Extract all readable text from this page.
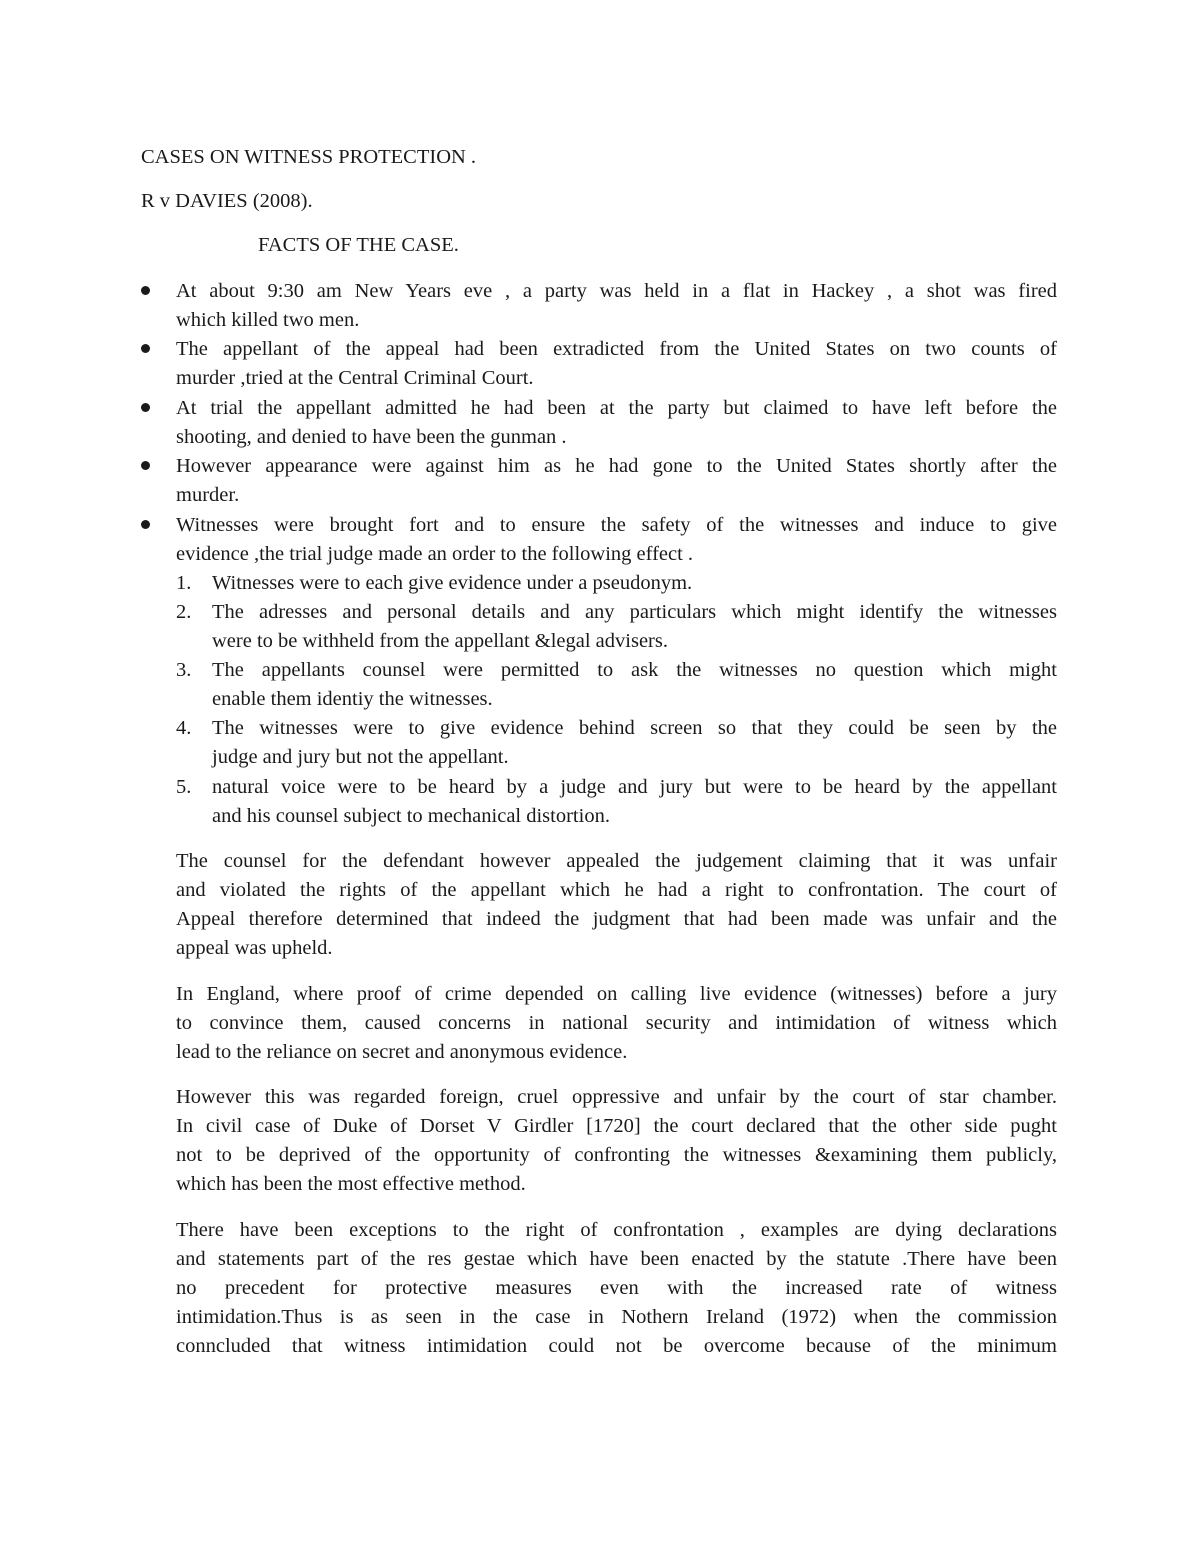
CASES ON WITNESS PROTECTION .
R v DAVIES (2008).
FACTS OF THE CASE.
At about 9:30 am New Years eve , a party was held in a flat in Hackey , a shot was fired
which killed two men.
The appellant of the appeal had been extradicted from the United States on two counts of
murder ,tried at the Central Criminal Court.
At trial the appellant admitted he had been at the party but claimed to have left before the
shooting, and denied to have been the gunman .
However appearance were against him as he had gone to the United States shortly after the
murder.
Witnesses were brought fort and to ensure the safety of the witnesses and induce to give
evidence ,the trial judge made an order to the following effect .
1. Witnesses were to each give evidence under a pseudonym.
2. The adresses and personal details and any particulars which might identify the witnesses
were to be withheld from the appellant &legal advisers.
3. The appellants counsel were permitted to ask the witnesses no question which might
enable them identiy the witnesses.
4. The witnesses were to give evidence behind screen so that they could be seen by the
judge and jury but not the appellant.
5. natural voice were to be heard by a judge and jury but were to be heard by the appellant
and his counsel subject to mechanical distortion.
The counsel for the defendant however appealed the judgement claiming that it was unfair
and violated the rights of the appellant which he had a right to confrontation. The court of
Appeal therefore determined that indeed the judgment that had been made was unfair and the
appeal was upheld.
In England, where proof of crime depended on calling live evidence (witnesses) before a jury
to convince them, caused concerns in national security and intimidation of witness which
lead to the reliance on secret and anonymous evidence.
However this was regarded foreign, cruel oppressive and unfair by the court of star chamber.
In civil case of Duke of Dorset V Girdler [1720] the court declared that the other side pught
not to be deprived of the opportunity of confronting the witnesses &examining them publicly,
which has been the most effective method.
There have been exceptions to the right of confrontation , examples are dying declarations
and statements part of the res gestae which have been enacted by the statute .There have been
no precedent for protective measures even with the increased rate of witness
intimidation.Thus is as seen in the case in Nothern Ireland (1972) when the commission
conncluded that witness intimidation could not be overcome because of the minimum
